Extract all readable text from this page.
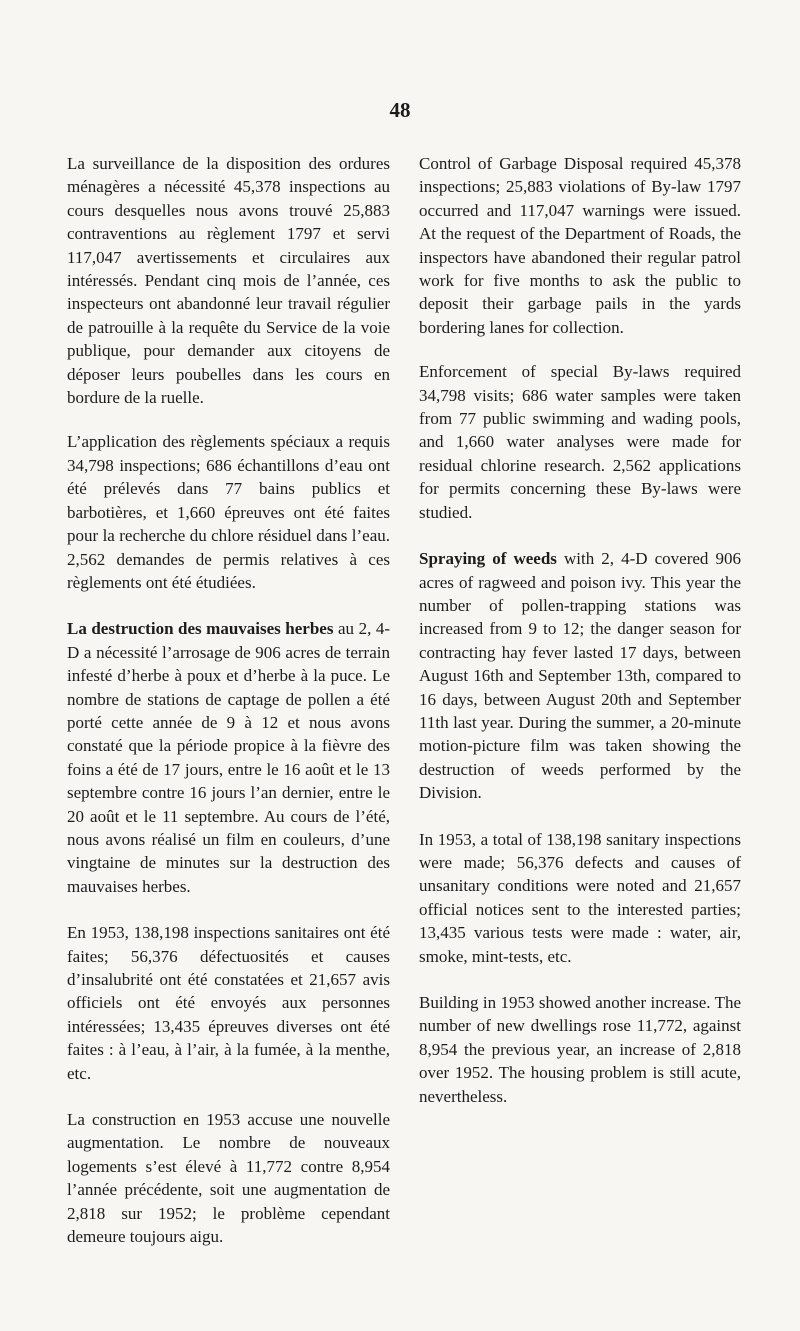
48

La surveillance de la disposition des ordures ménagères a nécessité 45,378 inspections au cours desquelles nous avons trouvé 25,883 contraventions au règlement 1797 et servi 117,047 avertissements et circulaires aux intéressés. Pendant cinq mois de l’année, ces inspecteurs ont abandonné leur travail régulier de patrouille à la requête du Service de la voie publique, pour demander aux citoyens de déposer leurs poubelles dans les cours en bordure de la ruelle.

L’application des règlements spéciaux a requis 34,798 inspections; 686 échantillons d’eau ont été prélevés dans 77 bains publics et barbotières, et 1,660 épreuves ont été faites pour la recherche du chlore résiduel dans l’eau. 2,562 demandes de permis relatives à ces règlements ont été étudiées.

La destruction des mauvaises herbes au 2, 4-D a nécessité l’arrosage de 906 acres de terrain infesté d’herbe à poux et d’herbe à la puce. Le nombre de stations de captage de pollen a été porté cette année de 9 à 12 et nous avons constaté que la période propice à la fièvre des foins a été de 17 jours, entre le 16 août et le 13 septembre contre 16 jours l’an dernier, entre le 20 août et le 11 septembre. Au cours de l’été, nous avons réalisé un film en couleurs, d’une vingtaine de minutes sur la destruction des mauvaises herbes.

En 1953, 138,198 inspections sanitaires ont été faites; 56,376 défectuosités et causes d’insalubrité ont été constatées et 21,657 avis officiels ont été envoyés aux personnes intéressées; 13,435 épreuves diverses ont été faites : à l’eau, à l’air, à la fumée, à la menthe, etc.

La construction en 1953 accuse une nouvelle augmentation. Le nombre de nouveaux logements s’est élevé à 11,772 contre 8,954 l’année précédente, soit une augmentation de 2,818 sur 1952; le problème cependant demeure toujours aigu.

Control of Garbage Disposal required 45,378 inspections; 25,883 violations of By-law 1797 occurred and 117,047 warnings were issued. At the request of the Department of Roads, the inspectors have abandoned their regular patrol work for five months to ask the public to deposit their garbage pails in the yards bordering lanes for collection.

Enforcement of special By-laws required 34,798 visits; 686 water samples were taken from 77 public swimming and wading pools, and 1,660 water analyses were made for residual chlorine research. 2,562 applications for permits concerning these By-laws were studied.

Spraying of weeds with 2, 4-D covered 906 acres of ragweed and poison ivy. This year the number of pollen-trapping stations was increased from 9 to 12; the danger season for contracting hay fever lasted 17 days, between August 16th and September 13th, compared to 16 days, between August 20th and September 11th last year. During the summer, a 20-minute motion-picture film was taken showing the destruction of weeds performed by the Division.

In 1953, a total of 138,198 sanitary inspections were made; 56,376 defects and causes of unsanitary conditions were noted and 21,657 official notices sent to the interested parties; 13,435 various tests were made : water, air, smoke, mint-tests, etc.

Building in 1953 showed another increase. The number of new dwellings rose 11,772, against 8,954 the previous year, an increase of 2,818 over 1952. The housing problem is still acute, nevertheless.
